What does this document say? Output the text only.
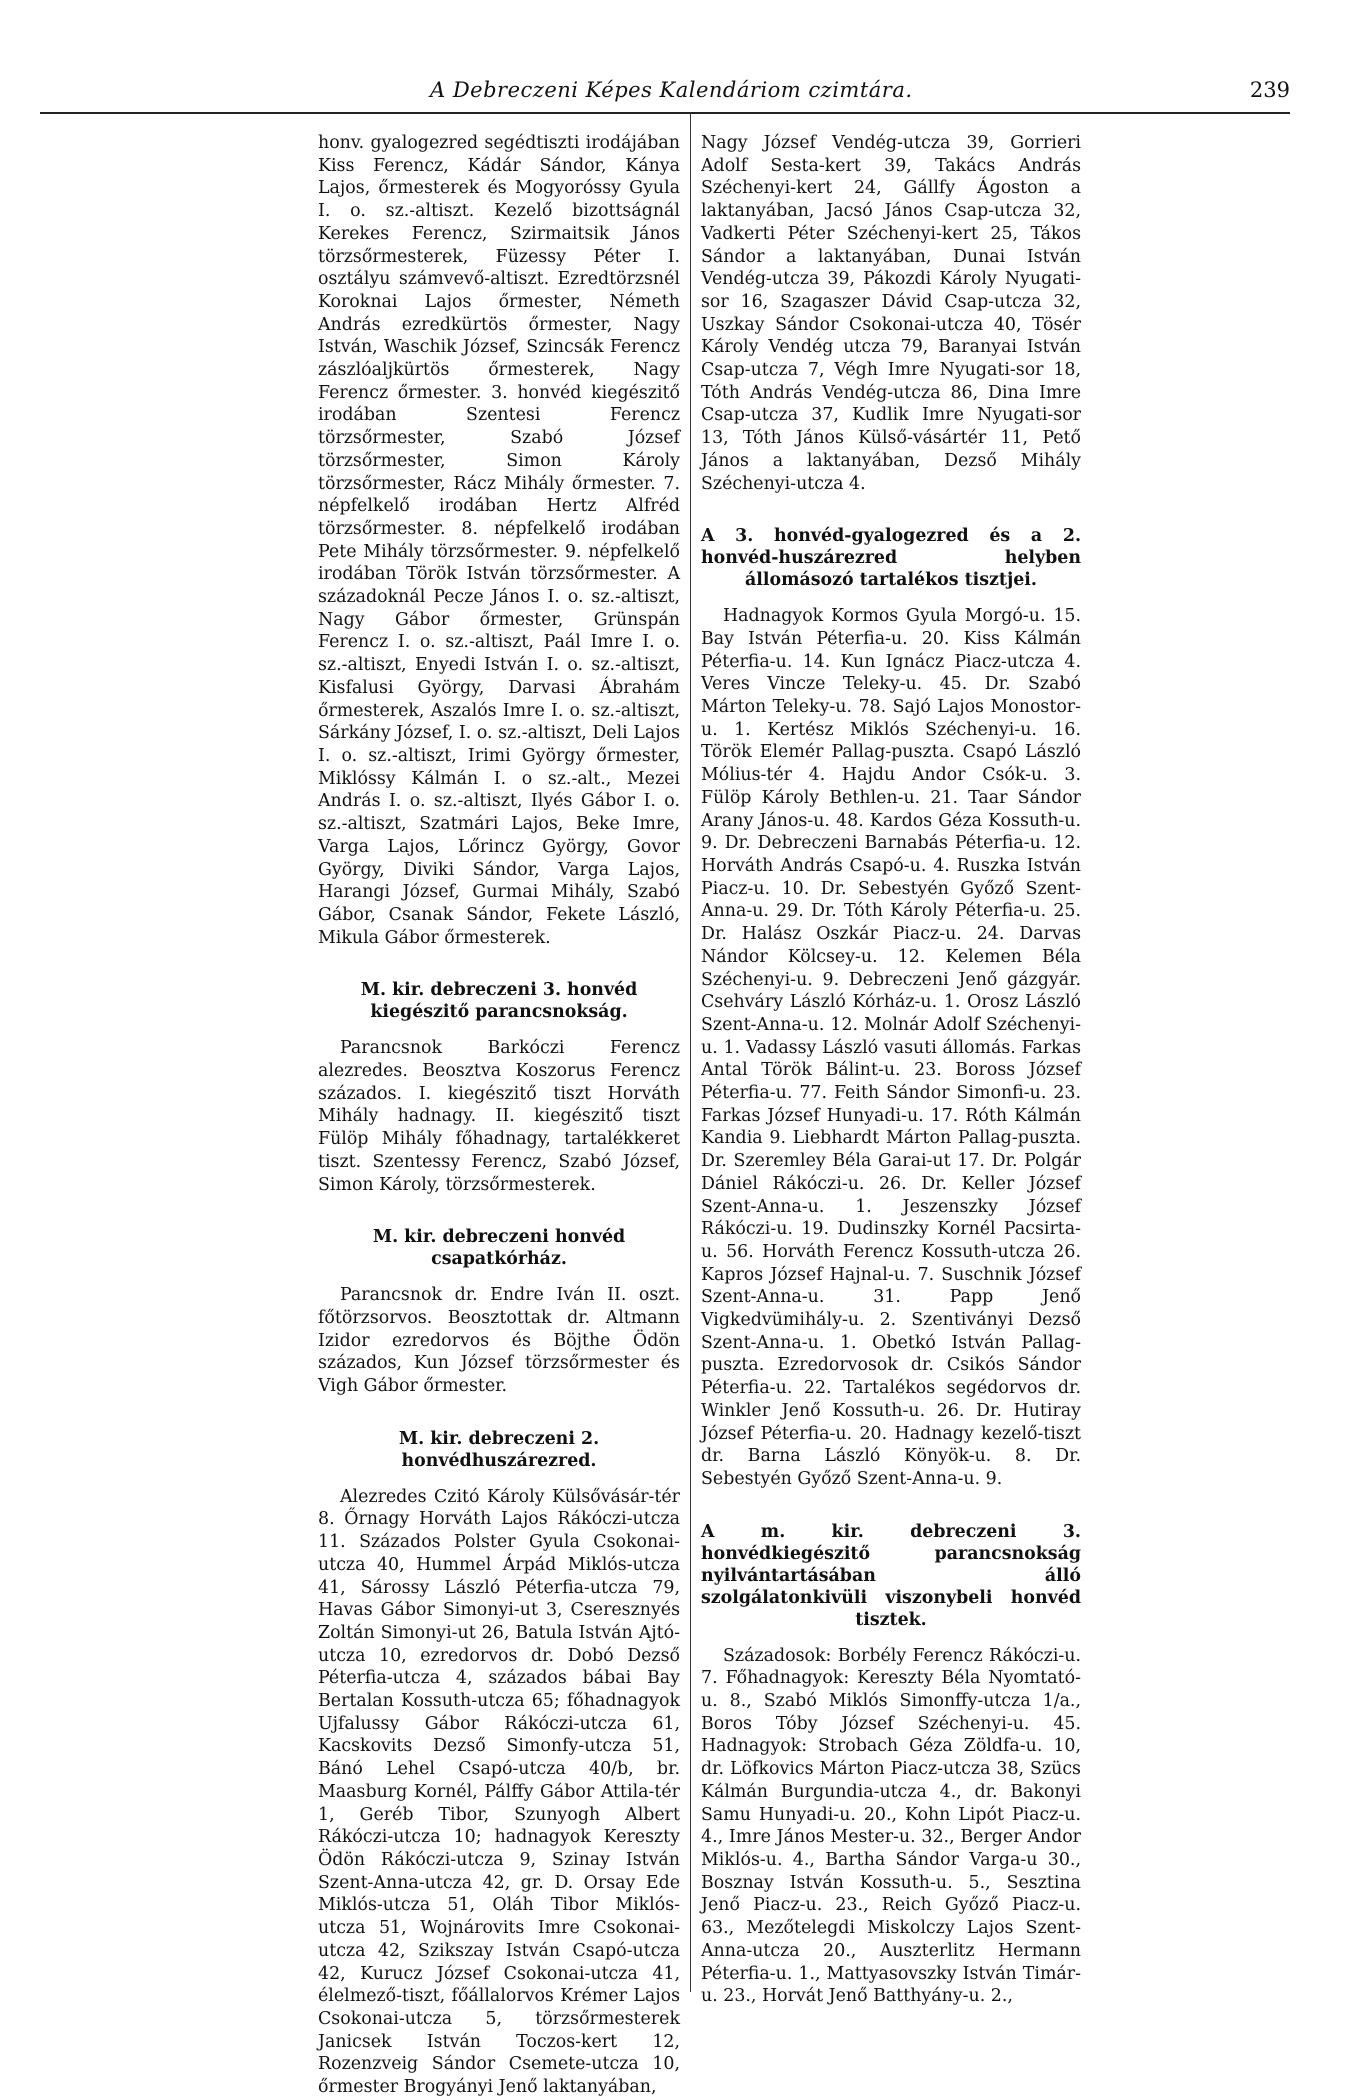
A Debreczeni Képes Kalendáriom czimtára.	239

honv. gyalogezred segédtiszti irodájában Kiss Ferencz, Kádár Sándor, Kánya Lajos, őrmesterek és Mogyoróssy Gyula I. o. sz.-altiszt. Kezelő bizottságnál Kerekes Ferencz, Szirmaitsik János törzsőrmesterek, Füzessy Péter I. osztályu számvevő-altiszt. Ezredtörzsnél Koroknai Lajos őrmester, Németh András ezredkürtös őrmester, Nagy István, Waschik József, Szincsák Ferencz zászlóaljkürtös őrmesterek, Nagy Ferencz őrmester. 3. honvéd kiegészitő irodában Szentesi Ferencz törzsőrmester, Szabó József törzsőrmester, Simon Károly törzsőrmester, Rácz Mihály őrmester. 7. népfelkelő irodában Hertz Alfréd törzsőrmester. 8. népfelkelő irodában Pete Mihály törzsőrmester. 9. népfelkelő irodában Török István törzsőrmester. A századoknál Pecze János I. o. sz.-altiszt, Nagy Gábor őrmester, Grünspán Ferencz I. o. sz.-altiszt, Paál Imre I. o. sz.-altiszt, Enyedi István I. o. sz.-altiszt, Kisfalusi György, Darvasi Ábrahám őrmesterek, Aszalós Imre I. o. sz.-altiszt, Sárkány József, I. o. sz.-altiszt, Deli Lajos I. o. sz.-altiszt, Irimi György őrmester, Miklóssy Kálmán I. o sz.-alt., Mezei András I. o. sz.-altiszt, Ilyés Gábor I. o. sz.-altiszt, Szatmári Lajos, Beke Imre, Varga Lajos, Lőrincz György, Govor György, Diviki Sándor, Varga Lajos, Harangi József, Gurmai Mihály, Szabó Gábor, Csanak Sándor, Fekete László, Mikula Gábor őrmesterek.

M. kir. debreczeni 3. honvéd kiegészitő parancsnokság.

Parancsnok Barkóczi Ferencz alezredes. Beosztva Koszorus Ferencz százados. I. kiegészitő tiszt Horváth Mihály hadnagy. II. kiegészitő tiszt Fülöp Mihály főhadnagy, tartalékkeret tiszt. Szentessy Ferencz, Szabó József, Simon Károly, törzsőrmesterek.

M. kir. debreczeni honvéd csapatkórház.

Parancsnok dr. Endre Iván II. oszt. főtörzsorvos. Beosztottak dr. Altmann Izidor ezredorvos és Böjthe Ödön százados, Kun József törzsőrmester és Vigh Gábor őrmester.

M. kir. debreczeni 2. honvédhuszárezred.

Alezredes Czitó Károly Külsővásár-tér 8. Őrnagy Horváth Lajos Rákóczi-utcza 11. Százados Polster Gyula Csokonai-utcza 40, Hummel Árpád Miklós-utcza 41, Sárossy László Péterfia-utcza 79, Havas Gábor Simonyi-ut 3, Cseresznyés Zoltán Simonyi-ut 26, Batula István Ajtó-utcza 10, ezredorvos dr. Dobó Dezső Péterfia-utcza 4, százados bábai Bay Bertalan Kossuth-utcza 65; főhadnagyok Ujfalussy Gábor Rákóczi-utcza 61, Kacskovits Dezső Simonfy-utcza 51, Bánó Lehel Csapó-utcza 40/b, br. Maasburg Kornél, Pálffy Gábor Attila-tér 1, Geréb Tibor, Szunyogh Albert Rákóczi-utcza 10; hadnagyok Kereszty Ödön Rákóczi-utcza 9, Szinay István Szent-Anna-utcza 42, gr. D. Orsay Ede Miklós-utcza 51, Oláh Tibor Miklós-utcza 51, Wojnárovits Imre Csokonai-utcza 42, Szikszay István Csapó-utcza 42, Kurucz József Csokonai-utcza 41, élelmező-tiszt, főállalorvos Krémer Lajos Csokonai-utcza 5, törzsőrmesterek Janicsek István Toczos-kert 12, Rozenzveig Sándor Csemete-utcza 10, őrmester Brogyányi Jenő laktanyában,

Nagy József Vendég-utcza 39, Gorrieri Adolf Sesta-kert 39, Takács András Széchenyi-kert 24, Gállfy Ágoston a laktanyában, Jacsó János Csap-utcza 32, Vadkerti Péter Széchenyi-kert 25, Tákos Sándor a laktanyában, Dunai István Vendég-utcza 39, Pákozdi Károly Nyugati-sor 16, Szagaszer Dávid Csap-utcza 32, Uszkay Sándor Csokonai-utcza 40, Tösér Károly Vendég utcza 79, Baranyai István Csap-utcza 7, Végh Imre Nyugati-sor 18, Tóth András Vendég-utcza 86, Dina Imre Csap-utcza 37, Kudlik Imre Nyugati-sor 13, Tóth János Külső-vásártér 11, Pető János a laktanyában, Dezső Mihály Széchenyi-utcza 4.

A 3. honvéd-gyalogezred és a 2. honvéd-huszárezred helyben állomásozó tartalékos tisztjei.

Hadnagyok Kormos Gyula Morgó-u. 15. Bay István Péterfia-u. 20. Kiss Kálmán Péterfia-u. 14. Kun Ignácz Piacz-utcza 4. Veres Vincze Teleky-u. 45. Dr. Szabó Márton Teleky-u. 78. Sajó Lajos Monostor-u. 1. Kertész Miklós Széchenyi-u. 16. Török Elemér Pallag-puszta. Csapó László Mólius-tér 4. Hajdu Andor Csók-u. 3. Fülöp Károly Bethlen-u. 21. Taar Sándor Arany János-u. 48. Kardos Géza Kossuth-u. 9. Dr. Debreczeni Barnabás Péterfia-u. 12. Horváth András Csapó-u. 4. Ruszka István Piacz-u. 10. Dr. Sebestyén Győző Szent-Anna-u. 29. Dr. Tóth Károly Péterfia-u. 25. Dr. Halász Oszkár Piacz-u. 24. Darvas Nándor Kölcsey-u. 12. Kelemen Béla Széchenyi-u. 9. Debreczeni Jenő gázgyár. Csehváry László Kórház-u. 1. Orosz László Szent-Anna-u. 12. Molnár Adolf Széchenyi-u. 1. Vadassy László vasuti állomás. Farkas Antal Török Bálint-u. 23. Boross József Péterfia-u. 77. Feith Sándor Simonfi-u. 23. Farkas József Hunyadi-u. 17. Róth Kálmán Kandia 9. Liebhardt Márton Pallag-puszta. Dr. Szeremley Béla Garai-ut 17. Dr. Polgár Dániel Rákóczi-u. 26. Dr. Keller József Szent-Anna-u. 1. Jeszenszky József Rákóczi-u. 19. Dudinszky Kornél Pacsirta-u. 56. Horváth Ferencz Kossuth-utcza 26. Kapros József Hajnal-u. 7. Suschnik József Szent-Anna-u. 31. Papp Jenő Vigkedvümihály-u. 2. Szentiványi Dezső Szent-Anna-u. 1. Obetkó István Pallag-puszta. Ezredorvosok dr. Csikós Sándor Péterfia-u. 22. Tartalékos segédorvos dr. Winkler Jenő Kossuth-u. 26. Dr. Hutiray József Péterfia-u. 20. Hadnagy kezelő-tiszt dr. Barna László Könyök-u. 8. Dr. Sebestyén Győző Szent-Anna-u. 9.

A m. kir. debreczeni 3. honvédkiegészitő parancsnokság nyilvántartásában álló szolgálatonkivüli viszonybeli honvéd tisztek.

Századosok: Borbély Ferencz Rákóczi-u. 7. Főhadnagyok: Kereszty Béla Nyomtató-u. 8., Szabó Miklós Simonffy-utcza 1/a., Boros Tóby József Széchenyi-u. 45. Hadnagyok: Strobach Géza Zöldfa-u. 10, dr. Löfkovics Márton Piacz-utcza 38, Szücs Kálmán Burgundia-utcza 4., dr. Bakonyi Samu Hunyadi-u. 20., Kohn Lipót Piacz-u. 4., Imre János Mester-u. 32., Berger Andor Miklós-u. 4., Bartha Sándor Varga-u 30., Bosznay István Kossuth-u. 5., Sesztina Jenő Piacz-u. 23., Reich Győző Piacz-u. 63., Mezőtelegdi Miskolczy Lajos Szent-Anna-utcza 20., Auszterlitz Hermann Péterfia-u. 1., Mattyasovszky István Timár-u. 23., Horvát Jenő Batthyány-u. 2.,
